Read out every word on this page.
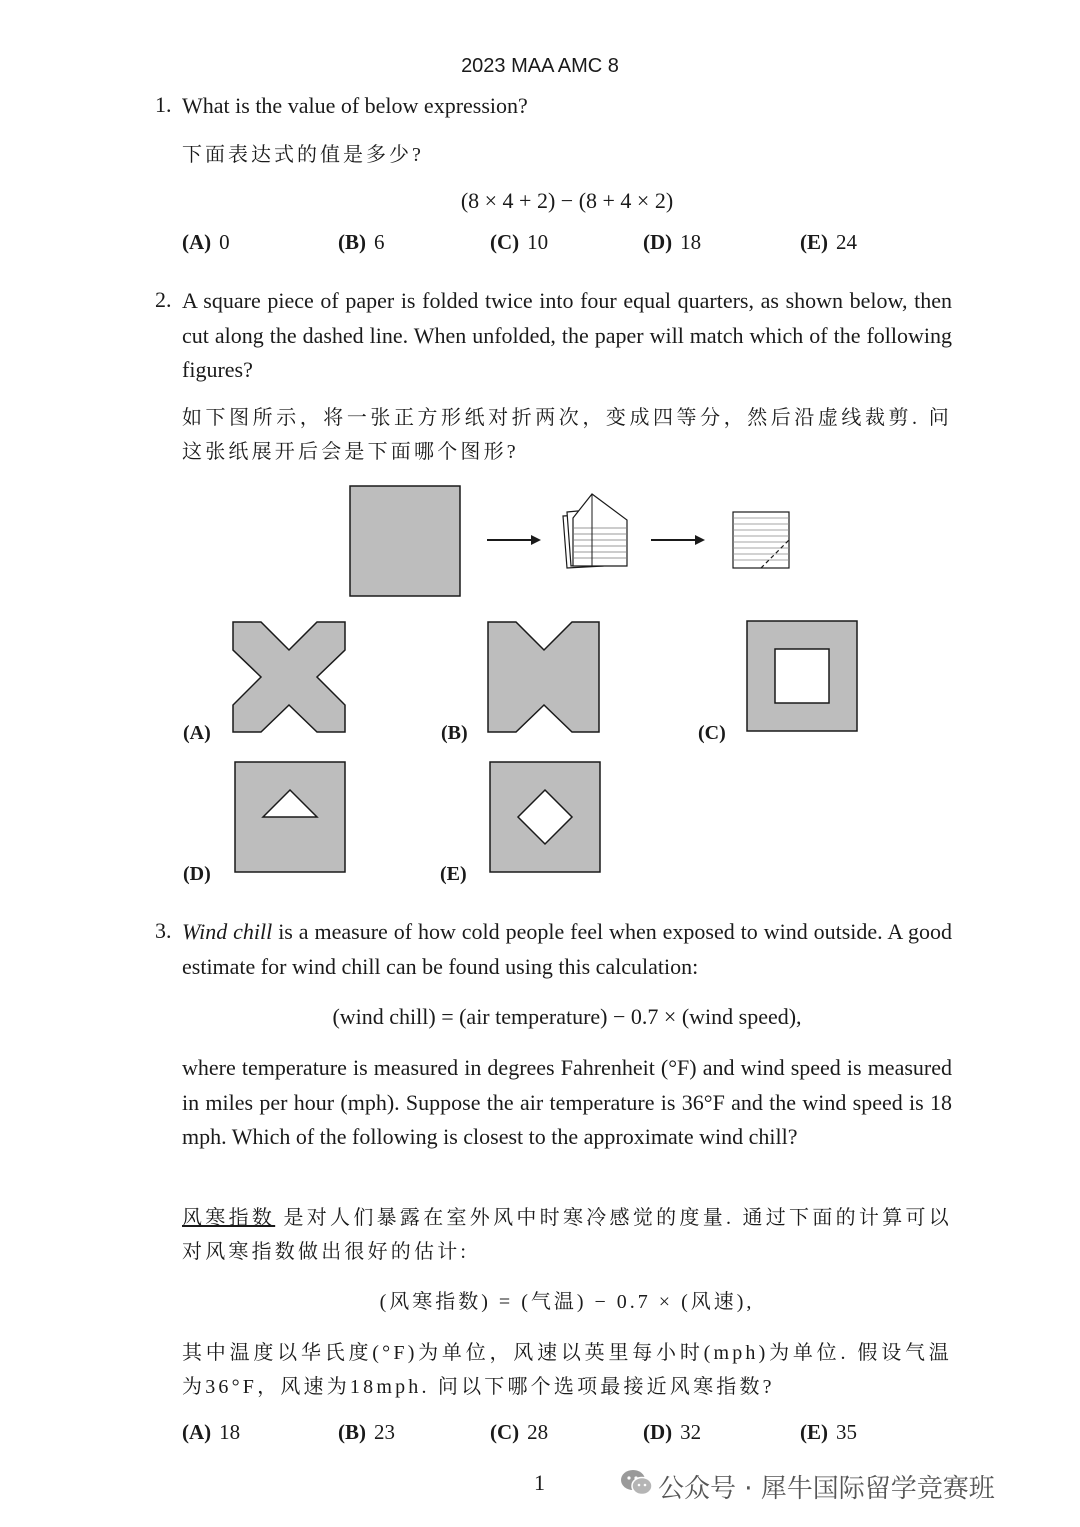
2023 MAA AMC 8
1. What is the value of below expression?
下面表达式的值是多少?
(8 × 4 + 2) − (8 + 4 × 2)
(A) 0	(B) 6	(C) 10	(D) 18	(E) 24
2. A square piece of paper is folded twice into four equal quarters, as shown below, then cut along the dashed line. When unfolded, the paper will match which of the following figures?
如下图所示，将一张正方形纸对折两次，变成四等分，然后沿虚线裁剪. 问这张纸展开后会是下面哪个图形?
(A)	(B)	(C)
(D)	(E)
3. Wind chill is a measure of how cold people feel when exposed to wind outside. A good estimate for wind chill can be found using this calculation:
(wind chill) = (air temperature) − 0.7 × (wind speed),
where temperature is measured in degrees Fahrenheit (°F) and wind speed is measured in miles per hour (mph). Suppose the air temperature is 36°F and the wind speed is 18 mph. Which of the following is closest to the approximate wind chill?
风寒指数 是对人们暴露在室外风中时寒冷感觉的度量. 通过下面的计算可以对风寒指数做出很好的估计:
(风寒指数) = (气温) − 0.7 × (风速),
其中温度以华氏度(°F)为单位，风速以英里每小时(mph)为单位. 假设气温为36°F，风速为18mph. 问以下哪个选项最接近风寒指数?
(A) 18	(B) 23	(C) 28	(D) 32	(E) 35
1	公众号 · 犀牛国际留学竞赛班
